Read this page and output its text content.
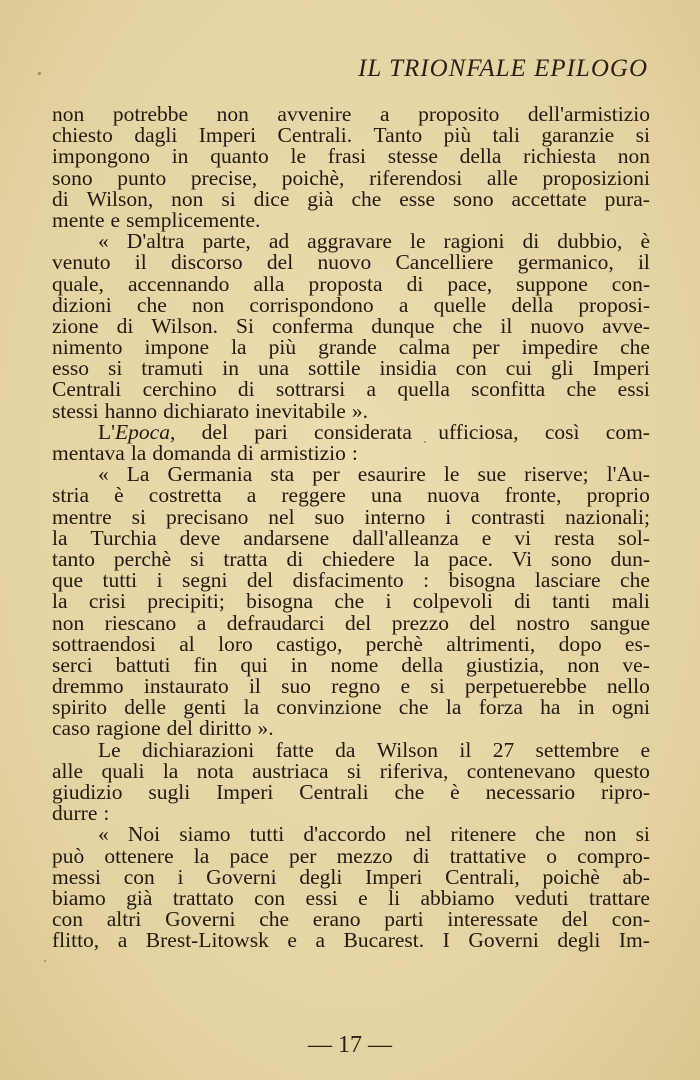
IL TRIONFALE EPILOGO
non potrebbe non avvenire a proposito dell'armistizio
chiesto dagli Imperi Centrali. Tanto più tali garanzie si
impongono in quanto le frasi stesse della richiesta non
sono punto precise, poichè, riferendosi alle proposizioni
di Wilson, non si dice già che esse sono accettate pura-
mente e semplicemente.
« D'altra parte, ad aggravare le ragioni di dubbio, è
venuto il discorso del nuovo Cancelliere germanico, il
quale, accennando alla proposta di pace, suppone con-
dizioni che non corrispondono a quelle della proposi-
zione di Wilson. Si conferma dunque che il nuovo avve-
nimento impone la più grande calma per impedire che
esso si tramuti in una sottile insidia con cui gli Imperi
Centrali cerchino di sottrarsi a quella sconfitta che essi
stessi hanno dichiarato inevitabile ».
L'Epoca, del pari considerata ufficiosa, così com-
mentava la domanda di armistizio :
« La Germania sta per esaurire le sue riserve; l'Au-
stria è costretta a reggere una nuova fronte, proprio
mentre si precisano nel suo interno i contrasti nazionali;
la Turchia deve andarsene dall'alleanza e vi resta sol-
tanto perchè si tratta di chiedere la pace. Vi sono dun-
que tutti i segni del disfacimento : bisogna lasciare che
la crisi precipiti; bisogna che i colpevoli di tanti mali
non riescano a defraudarci del prezzo del nostro sangue
sottraendosi al loro castigo, perchè altrimenti, dopo es-
serci battuti fin qui in nome della giustizia, non ve-
dremmo instaurato il suo regno e si perpetuerebbe nello
spirito delle genti la convinzione che la forza ha in ogni
caso ragione del diritto ».
Le dichiarazioni fatte da Wilson il 27 settembre e
alle quali la nota austriaca si riferiva, contenevano questo
giudizio sugli Imperi Centrali che è necessario ripro-
durre :
« Noi siamo tutti d'accordo nel ritenere che non si
può ottenere la pace per mezzo di trattative o compro-
messi con i Governi degli Imperi Centrali, poichè ab-
biamo già trattato con essi e li abbiamo veduti trattare
con altri Governi che erano parti interessate del con-
flitto, a Brest-Litowsk e a Bucarest. I Governi degli Im-
— 17 —
